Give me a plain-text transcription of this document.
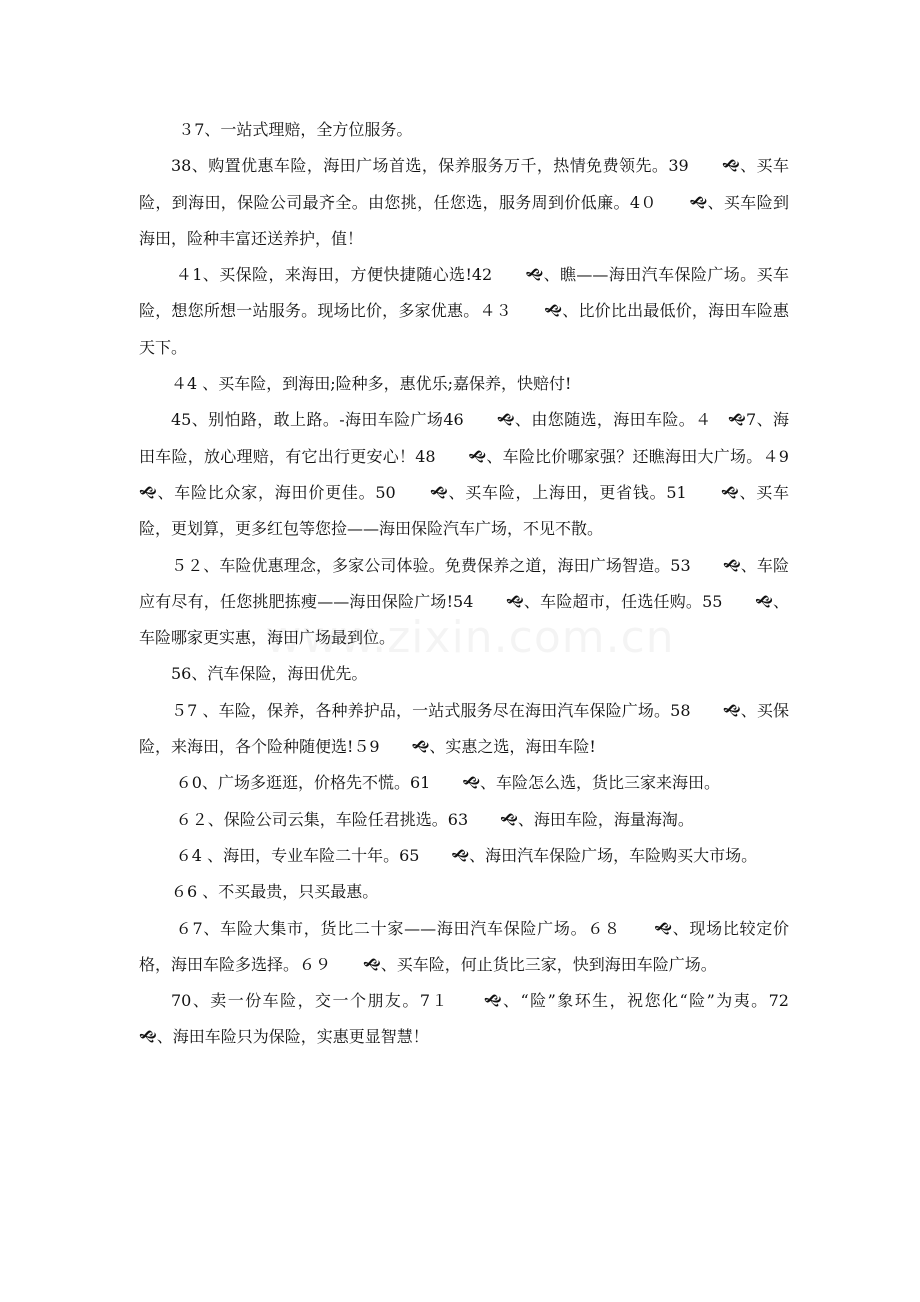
３7、一站式理赔，全方位服务。

38、购置优惠车险，海田广场首选，保养服务万千，热情免费领先。39　　🙝、买车险，到海田，保险公司最齐全。由您挑，任您选，服务周到价低廉。4０　　🙝、买车险到海田，险种丰富还送养护，值！

４1、买保险，来海田，方便快捷随心选!42　　🙝、瞧——海田汽车保险广场。买车险，想您所想一站服务。现场比价，多家优惠。４３　　🙝、比价比出最低价，海田车险惠天下。

４4 、买车险，到海田;险种多，惠优乐;嘉保养，快赔付!

45、别怕路，敢上路。-海田车险广场46　　🙝、由您随选，海田车险。４　🙝7、海田车险，放心理赔，有它出行更安心！48　　🙝、车险比价哪家强？还瞧海田大广场。４9　　🙝、车险比众家，海田价更佳。50　　🙝、买车险，上海田，更省钱。51　　🙝、买车险，更划算，更多红包等您捡——海田保险汽车广场，不见不散。

５２、车险优惠理念，多家公司体验。免费保养之道，海田广场智造。53　　🙝、车险应有尽有，任您挑肥拣瘦——海田保险广场!54　　🙝、车险超市，任选任购。55　　🙝、车险哪家更实惠，海田广场最到位。

56、汽车保险，海田优先。

５7 、车险，保养，各种养护品，一站式服务尽在海田汽车保险广场。58　　🙝、买保险，来海田，各个险种随便选!５9　　🙝、实惠之选，海田车险!

６0、广场多逛逛，价格先不慌。61　　🙝、车险怎么选，货比三家来海田。

６２、保险公司云集，车险任君挑选。63　　🙝、海田车险，海量海淘。

６4 、海田，专业车险二十年。65　　🙝、海田汽车保险广场，车险购买大市场。

６6 、不买最贵，只买最惠。

６7、车险大集市，货比二十家——海田汽车保险广场。６８　　🙝、现场比较定价格，海田车险多选择。６９　　🙝、买车险，何止货比三家，快到海田车险广场。

70、卖一份车险，交一个朋友。7１　　🙝、“险”象环生，祝您化“险”为夷。72　　🙝、海田车险只为保险，实惠更显智慧！
